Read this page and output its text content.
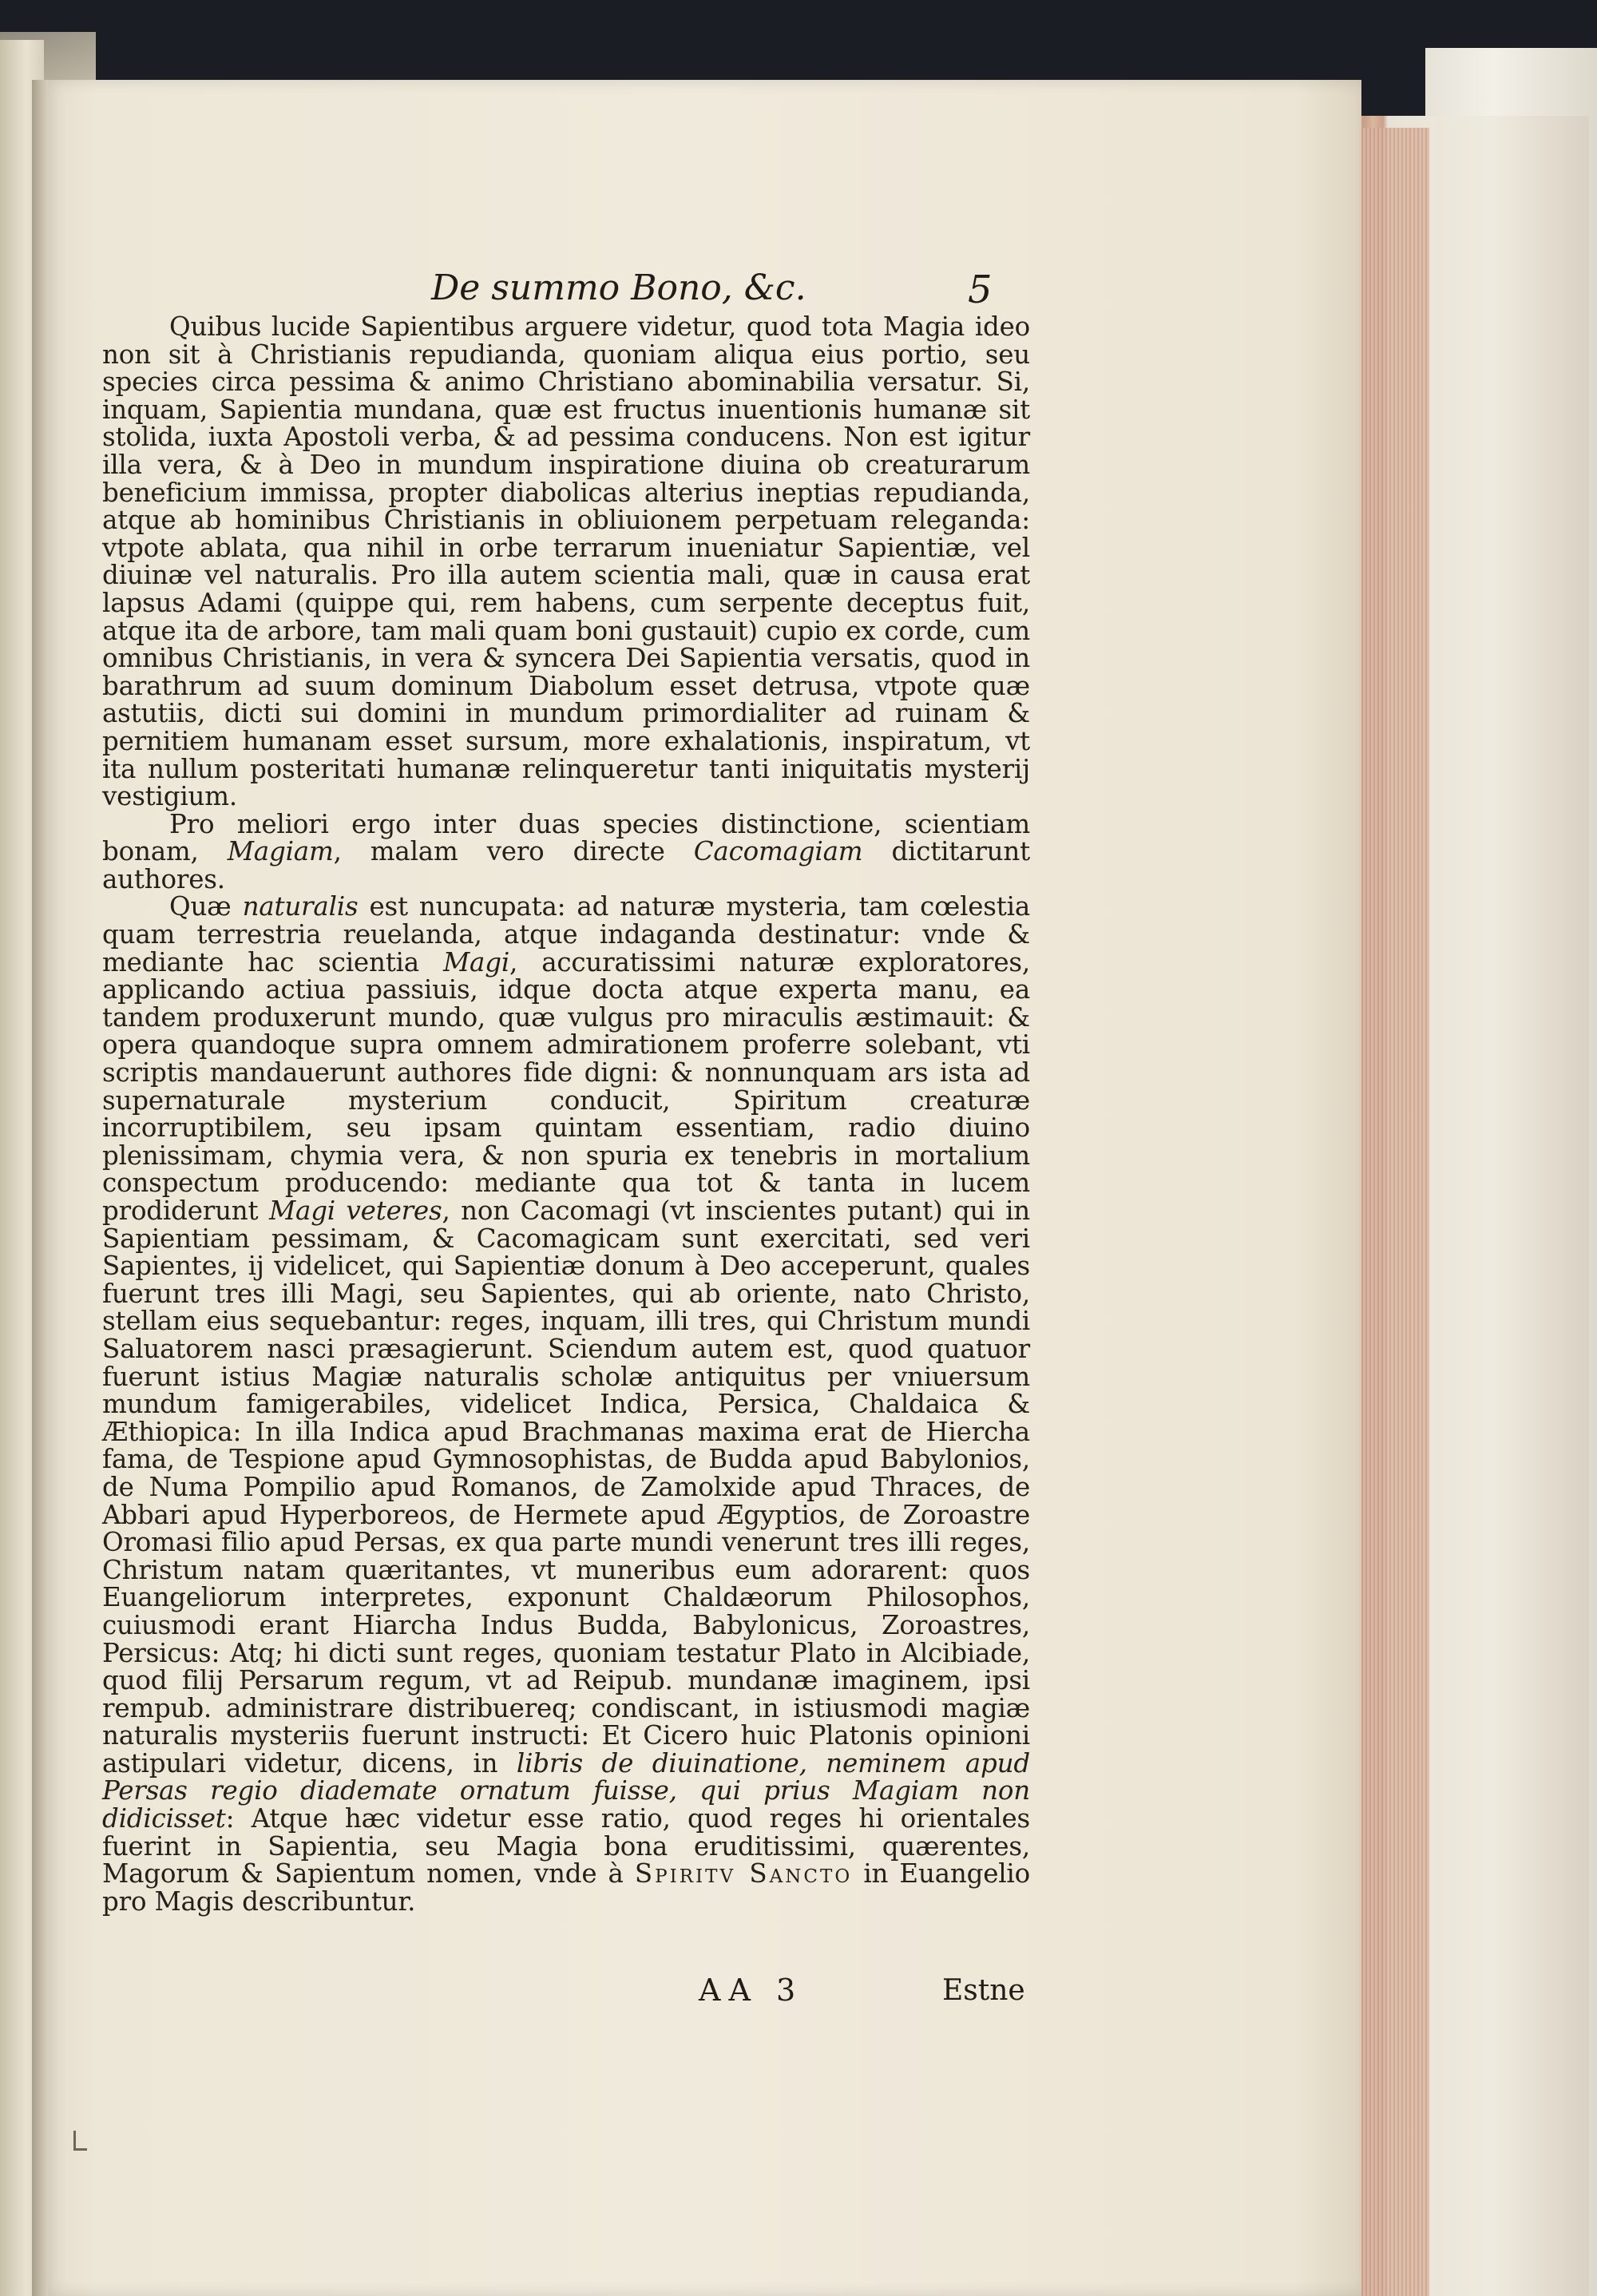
De summo Bono, &c.	5

Quibus lucide Sapientibus arguere videtur, quod tota Magia ideo non sit à Christianis repudianda, quoniam aliqua eius portio, seu species circa pessima & animo Christiano abominabilia versatur. Si, inquam, Sapientia mundana, quæ est fructus inuentionis humanæ sit stolida, iuxta Apostoli verba, & ad pessima conducens. Non est igitur illa vera, & à Deo in mundum inspiratione diuina ob creaturarum beneficium immissa, propter diabolicas alterius ineptias repudianda, atque ab hominibus Christianis in obliuionem perpetuam releganda: vtpote ablata, qua nihil in orbe terrarum inueniatur Sapientiæ, vel diuinæ vel naturalis. Pro illa autem scientia mali, quæ in causa erat lapsus Adami (quippe qui, rem habens, cum serpente deceptus fuit, atque ita de arbore, tam mali quam boni gustauit) cupio ex corde, cum omnibus Christianis, in vera & syncera Dei Sapientia versatis, quod in barathrum ad suum dominum Diabolum esset detrusa, vtpote quæ astutiis, dicti sui domini in mundum primordialiter ad ruinam & pernitiem humanam esset sursum, more exhalationis, inspiratum, vt ita nullum posteritati humanæ relinqueretur tanti iniquitatis mysterij vestigium.

Pro meliori ergo inter duas species distinctione, scientiam bonam, Magiam, malam vero directe Cacomagiam dictitarunt authores.

Quæ naturalis est nuncupata: ad naturæ mysteria, tam cœlestia quam terrestria reuelanda, atque indaganda destinatur: vnde & mediante hac scientia Magi, accuratissimi naturæ exploratores, applicando actiua passiuis, idque docta atque experta manu, ea tandem produxerunt mundo, quæ vulgus pro miraculis æstimauit: & opera quandoque supra omnem admirationem proferre solebant, vti scriptis mandauerunt authores fide digni: & nonnunquam ars ista ad supernaturale mysterium conducit, Spiritum creaturæ incorruptibilem, seu ipsam quintam essentiam, radio diuino plenissimam, chymia vera, & non spuria ex tenebris in mortalium conspectum producendo: mediante qua tot & tanta in lucem prodiderunt Magi veteres, non Cacomagi (vt inscientes putant) qui in Sapientiam pessimam, & Cacomagicam sunt exercitati, sed veri Sapientes, ij videlicet, qui Sapientiæ donum à Deo acceperunt, quales fuerunt tres illi Magi, seu Sapientes, qui ab oriente, nato Christo, stellam eius sequebantur: reges, inquam, illi tres, qui Christum mundi Saluatorem nasci præsagierunt. Sciendum autem est, quod quatuor fuerunt istius Magiæ naturalis scholæ antiquitus per vniuersum mundum famigerabiles, videlicet Indica, Persica, Chaldaica & Æthiopica: In illa Indica apud Brachmanas maxima erat de Hiercha fama, de Tespione apud Gymnosophistas, de Budda apud Babylonios, de Numa Pompilio apud Romanos, de Zamolxide apud Thraces, de Abbari apud Hyperboreos, de Hermete apud Ægyptios, de Zoroastre Oromasi filio apud Persas, ex qua parte mundi venerunt tres illi reges, Christum natam quæritantes, vt muneribus eum adorarent: quos Euangeliorum interpretes, exponunt Chaldæorum Philosophos, cuiusmodi erant Hiarcha Indus Budda, Babylonicus, Zoroastres, Persicus: Atq; hi dicti sunt reges, quoniam testatur Plato in Alcibiade, quod filij Persarum regum, vt ad Reipub. mundanæ imaginem, ipsi rempub. administrare distribuereq; condiscant, in istiusmodi magiæ naturalis mysteriis fuerunt instructi: Et Cicero huic Platonis opinioni astipulari videtur, dicens, in libris de diuinatione, neminem apud Persas regio diademate ornatum fuisse, qui prius Magiam non didicisset: Atque hæc videtur esse ratio, quod reges hi orientales fuerint in Sapientia, seu Magia bona eruditissimi, quærentes, Magorum & Sapientum nomen, vnde à Spiritv Sancto in Euangelio pro Magis describuntur.

AA 3	Estne
